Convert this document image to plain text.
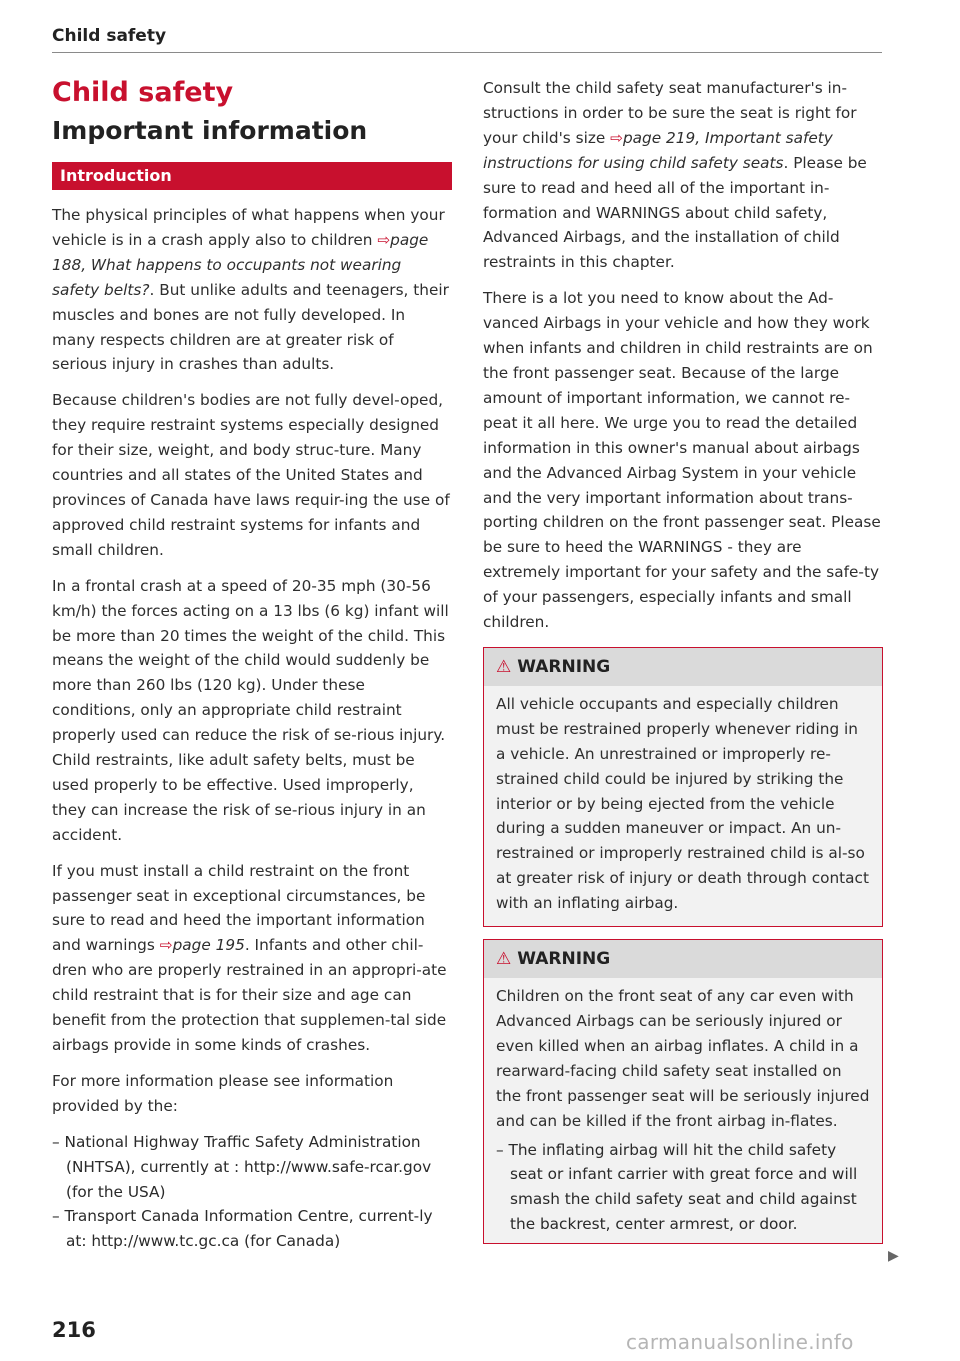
Child safety
Child safety
Important information
Introduction

The physical principles of what happens when your vehicle is in a crash apply also to children ⇨page 188, What happens to occupants not wearing safety belts?. But unlike adults and teenagers, their muscles and bones are not fully developed. In many respects children are at greater risk of serious injury in crashes than adults.

Because children's bodies are not fully devel-oped, they require restraint systems especially designed for their size, weight, and body struc-ture. Many countries and all states of the United States and provinces of Canada have laws requir-ing the use of approved child restraint systems for infants and small children.

In a frontal crash at a speed of 20-35 mph (30-56 km/h) the forces acting on a 13 lbs (6 kg) infant will be more than 20 times the weight of the child. This means the weight of the child would suddenly be more than 260 lbs (120 kg). Under these conditions, only an appropriate child restraint properly used can reduce the risk of se-rious injury. Child restraints, like adult safety belts, must be used properly to be effective. Used improperly, they can increase the risk of se-rious injury in an accident.

If you must install a child restraint on the front passenger seat in exceptional circumstances, be sure to read and heed the important information and warnings ⇨page 195. Infants and other chil-dren who are properly restrained in an appropri-ate child restraint that is for their size and age can benefit from the protection that supplemen-tal side airbags provide in some kinds of crashes.

For more information please see information provided by the:

– National Highway Traffic Safety Administration (NHTSA), currently at : http://www.safe-rcar.gov (for the USA)
– Transport Canada Information Centre, current-ly at: http://www.tc.gc.ca (for Canada)

Consult the child safety seat manufacturer's in-structions in order to be sure the seat is right for your child's size ⇨page 219, Important safety instructions for using child safety seats. Please be sure to read and heed all of the important in-formation and WARNINGS about child safety, Advanced Airbags, and the installation of child restraints in this chapter.

There is a lot you need to know about the Ad-vanced Airbags in your vehicle and how they work when infants and children in child restraints are on the front passenger seat. Because of the large amount of important information, we cannot re-peat it all here. We urge you to read the detailed information in this owner's manual about airbags and the Advanced Airbag System in your vehicle and the very important information about trans-porting children on the front passenger seat. Please be sure to heed the WARNINGS - they are extremely important for your safety and the safe-ty of your passengers, especially infants and small children.

⚠ WARNING

All vehicle occupants and especially children must be restrained properly whenever riding in a vehicle. An unrestrained or improperly re-strained child could be injured by striking the interior or by being ejected from the vehicle during a sudden maneuver or impact. An un-restrained or improperly restrained child is al-so at greater risk of injury or death through contact with an inflating airbag.

⚠ WARNING

Children on the front seat of any car even with Advanced Airbags can be seriously injured or even killed when an airbag inflates. A child in a rearward-facing child safety seat installed on the front passenger seat will be seriously injured and can be killed if the front airbag in-flates.

– The inflating airbag will hit the child safety seat or infant carrier with great force and will smash the child safety seat and child against the backrest, center armrest, or door.
▶
216	carmanualsonline.info
